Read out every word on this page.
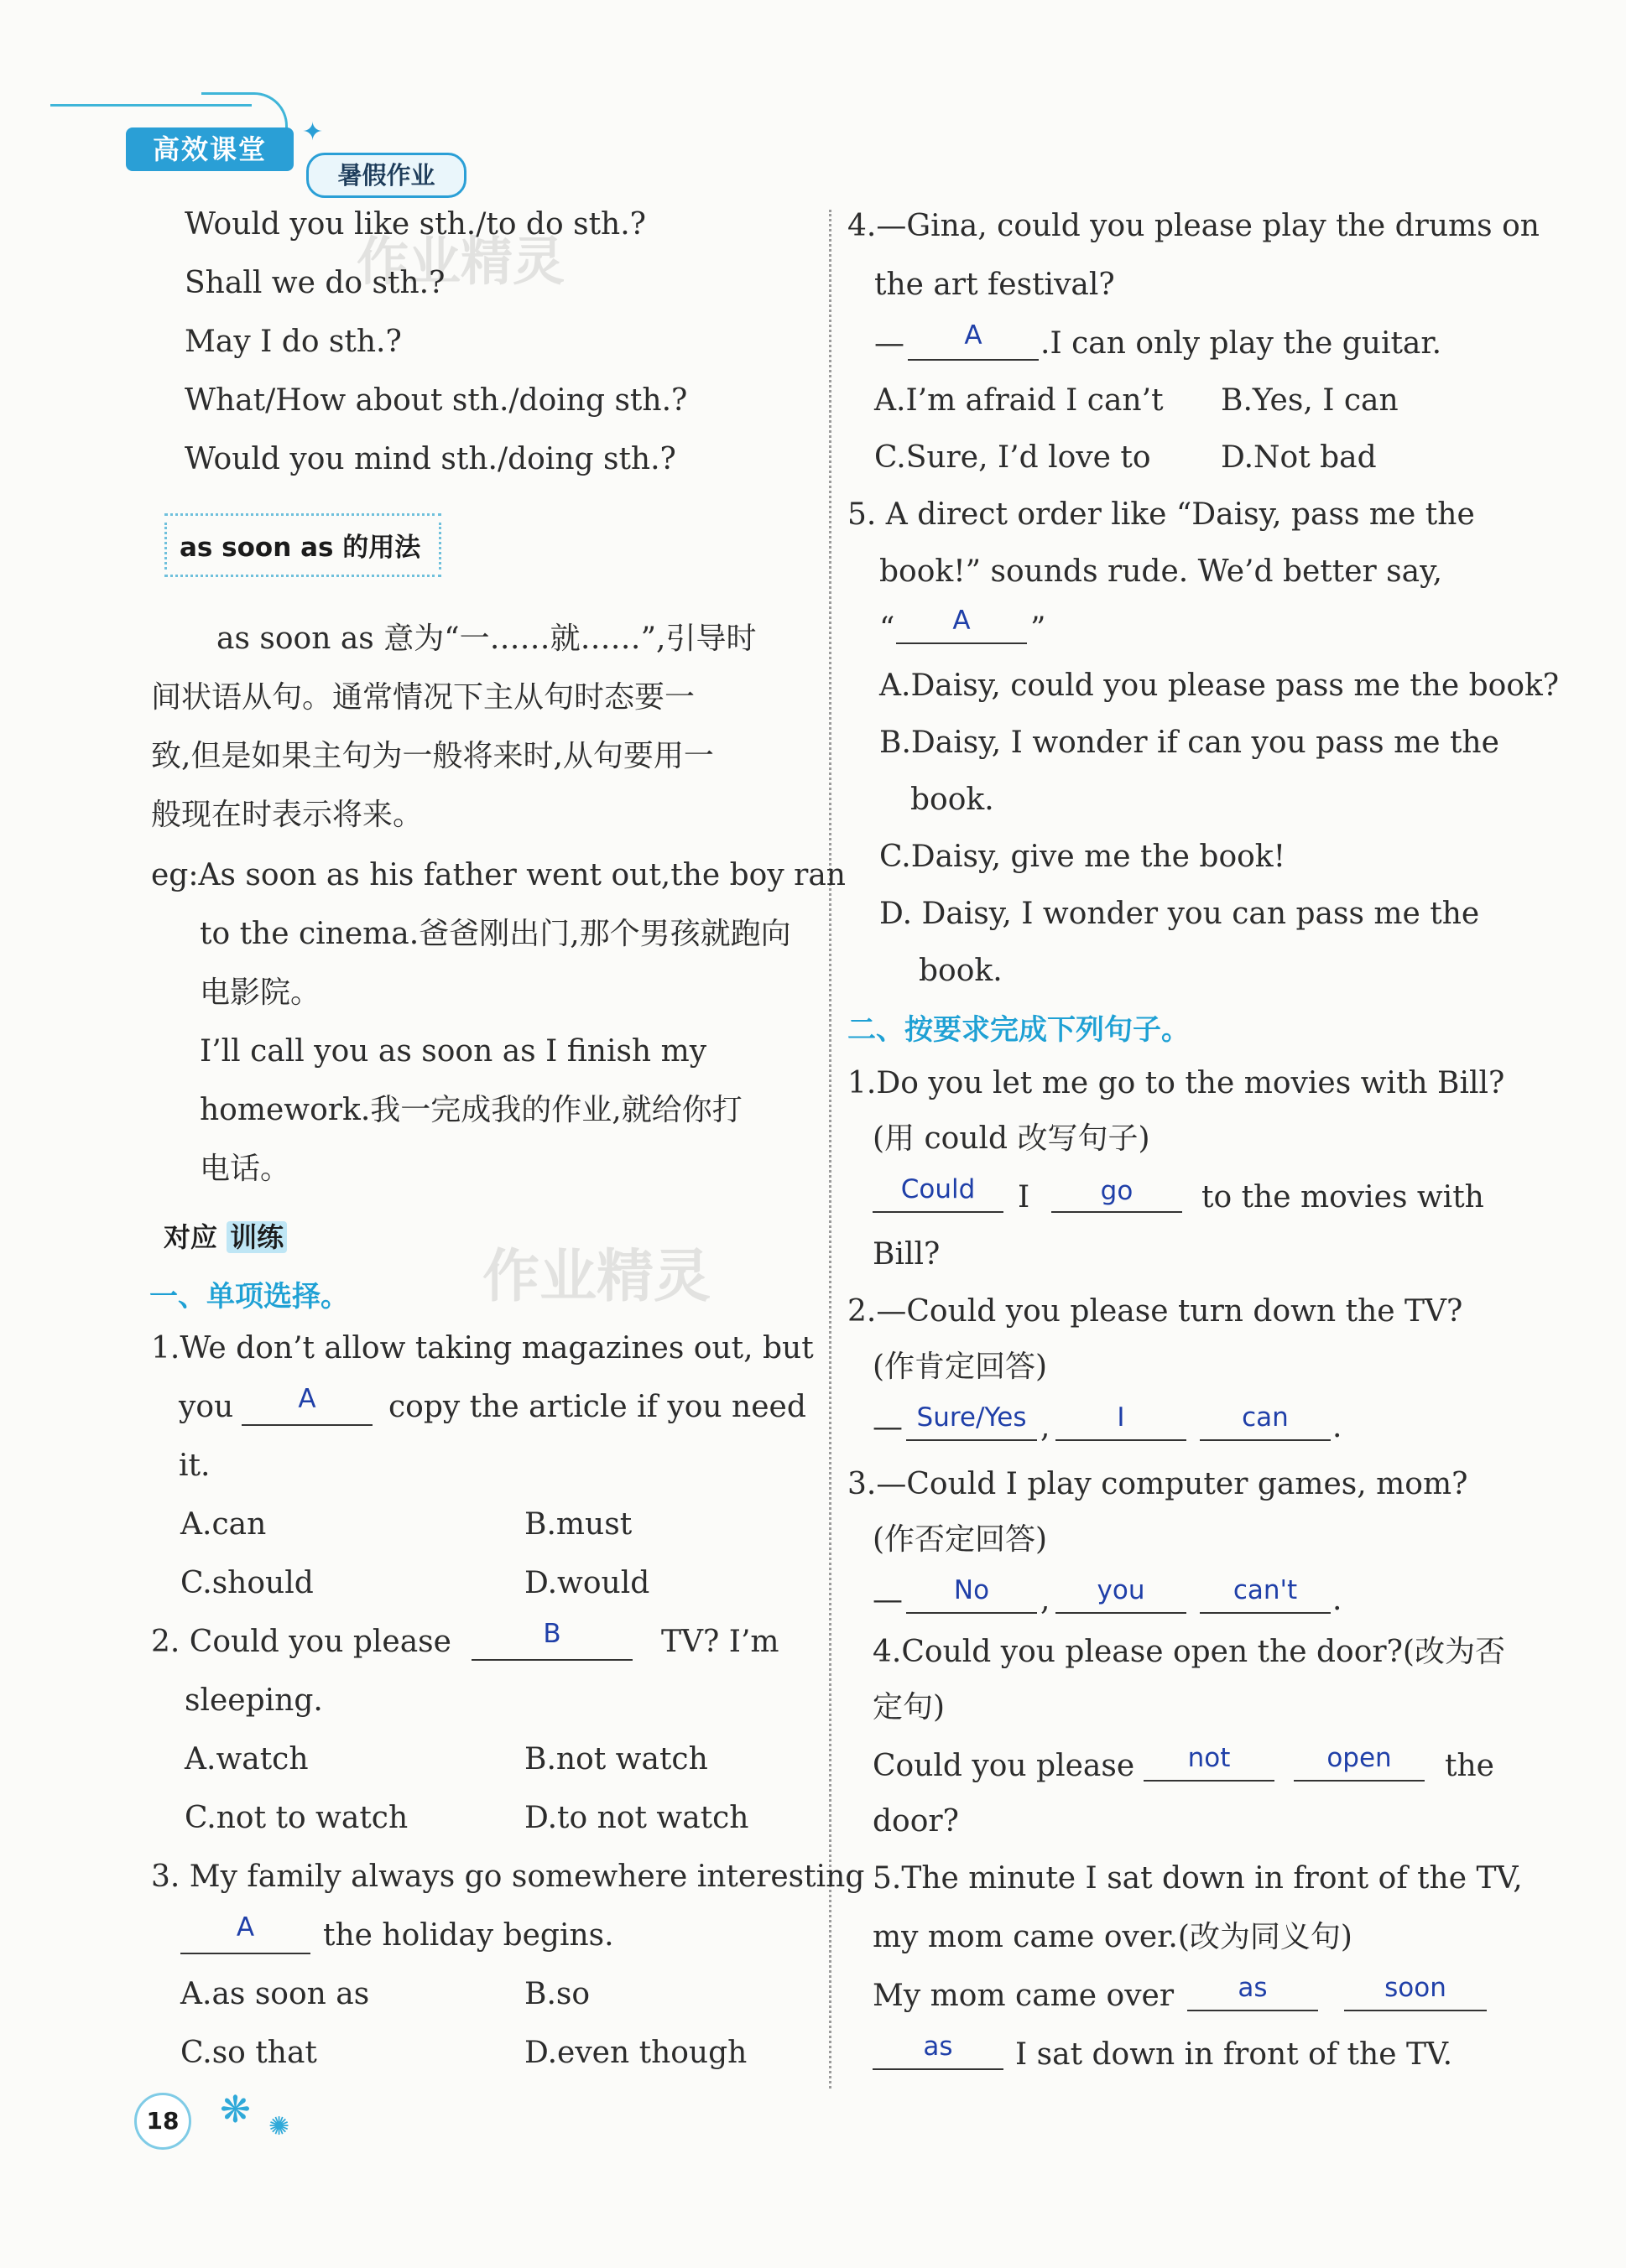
高效课堂
✦
暑假作业
作业精灵
作业精灵
Would you like sth./to do sth.?
Shall we do sth.?
May I do sth.?
What/How about sth./doing sth.?
Would you mind sth./doing sth.?
as soon as 的用法
as soon as 意为“一……就……”,引导时
间状语从句。通常情况下主从句时态要一
致,但是如果主句为一般将来时,从句要用一
般现在时表示将来。
eg:As soon as his father went out,the boy ran
to the cinema.爸爸刚出门,那个男孩就跑向
电影院。
I’ll call you as soon as I finish my
homework.我一完成我的作业,就给你打
电话。
对应 训练
一、单项选择。
1.We don’t allow taking magazines out, but
you	A	copy the article if you need
it.
A.can	B.must
C.should	D.would
2. Could you please	B	TV? I’m
sleeping.
A.watch	B.not watch
C.not to watch	D.to not watch
3. My family always go somewhere interesting
A	the holiday begins.
A.as soon as	B.so
C.so that	D.even though
4.—Gina, could you please play the drums on
the art festival?
—	A	.I can only play the guitar.
A.I’m afraid I can’t B.Yes, I can
C.Sure, I’d love to D.Not bad
5. A direct order like “Daisy, pass me the
book!” sounds rude. We’d better say,
“	A	”
A.Daisy, could you please pass me the book?
B.Daisy, I wonder if can you pass me the
book.
C.Daisy, give me the book!
D. Daisy, I wonder you can pass me the
book.
二、按要求完成下列句子。
1.Do you let me go to the movies with Bill?
(用 could 改写句子)
Could	I	go	to the movies with
Bill?
2.—Could you please turn down the TV?
(作肯定回答)
— Sure/Yes ,	I	can	.
3.—Could I play computer games, mom?
(作否定回答)
—	No	,	you	can't	.
4.Could you please open the door?(改为否
定句)
Could you please	not	open	the
door?
5.The minute I sat down in front of the TV,
my mom came over.(改为同义句)
My mom came over	as	soon
as	I sat down in front of the TV.
18	❋ ✺
